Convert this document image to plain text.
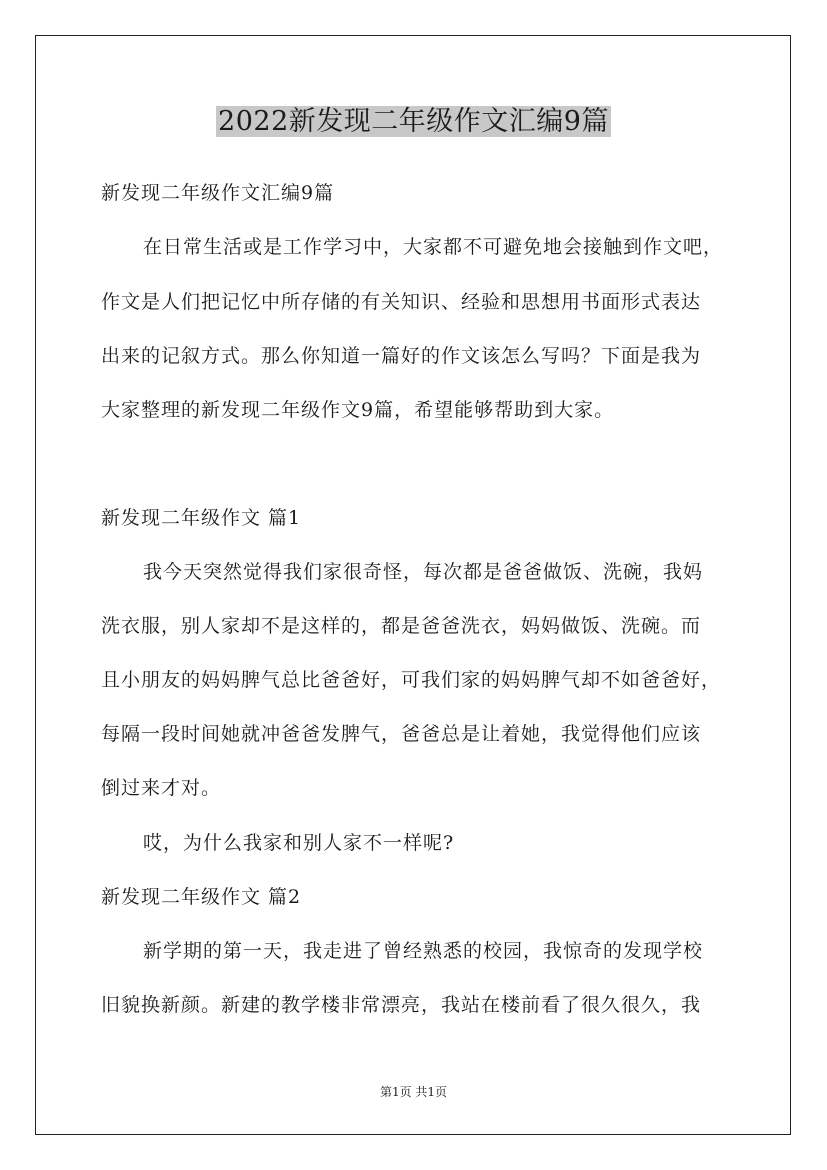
2022新发现二年级作文汇编9篇
新发现二年级作文汇编9篇
在日常生活或是工作学习中，大家都不可避免地会接触到作文吧，
作文是人们把记忆中所存储的有关知识、经验和思想用书面形式表达
出来的记叙方式。那么你知道一篇好的作文该怎么写吗？下面是我为
大家整理的新发现二年级作文9篇，希望能够帮助到大家。
新发现二年级作文 篇1
我今天突然觉得我们家很奇怪，每次都是爸爸做饭、洗碗，我妈
洗衣服，别人家却不是这样的，都是爸爸洗衣，妈妈做饭、洗碗。而
且小朋友的妈妈脾气总比爸爸好，可我们家的妈妈脾气却不如爸爸好，
每隔一段时间她就冲爸爸发脾气，爸爸总是让着她，我觉得他们应该
倒过来才对。
哎，为什么我家和别人家不一样呢?
新发现二年级作文 篇2
新学期的第一天，我走进了曾经熟悉的校园，我惊奇的发现学校
旧貌换新颜。新建的教学楼非常漂亮，我站在楼前看了很久很久，我
第1页 共1页
